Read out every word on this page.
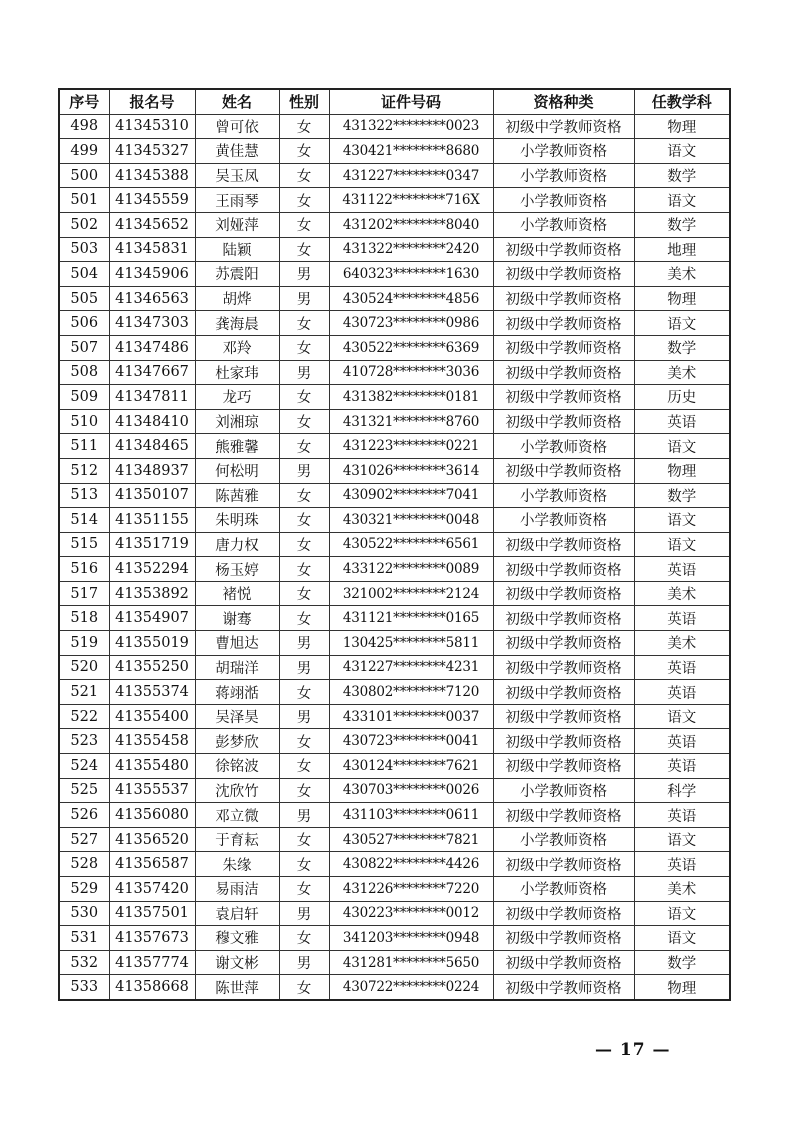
序号	报名号	姓名	性别	证件号码	资格种类	任教学科
498	41345310	曾可依	女	431322********0023	初级中学教师资格	物理
499	41345327	黄佳慧	女	430421********8680	小学教师资格	语文
500	41345388	吴玉凤	女	431227********0347	小学教师资格	数学
501	41345559	王雨琴	女	431122********716X	小学教师资格	语文
502	41345652	刘娅萍	女	431202********8040	小学教师资格	数学
503	41345831	陆颖	女	431322********2420	初级中学教师资格	地理
504	41345906	苏震阳	男	640323********1630	初级中学教师资格	美术
505	41346563	胡烨	男	430524********4856	初级中学教师资格	物理
506	41347303	龚海晨	女	430723********0986	初级中学教师资格	语文
507	41347486	邓羚	女	430522********6369	初级中学教师资格	数学
508	41347667	杜家玮	男	410728********3036	初级中学教师资格	美术
509	41347811	龙巧	女	431382********0181	初级中学教师资格	历史
510	41348410	刘湘琼	女	431321********8760	初级中学教师资格	英语
511	41348465	熊雅馨	女	431223********0221	小学教师资格	语文
512	41348937	何松明	男	431026********3614	初级中学教师资格	物理
513	41350107	陈茜雅	女	430902********7041	小学教师资格	数学
514	41351155	朱明珠	女	430321********0048	小学教师资格	语文
515	41351719	唐力权	女	430522********6561	初级中学教师资格	语文
516	41352294	杨玉婷	女	433122********0089	初级中学教师资格	英语
517	41353892	褚悦	女	321002********2124	初级中学教师资格	美术
518	41354907	谢骞	女	431121********0165	初级中学教师资格	英语
519	41355019	曹旭达	男	130425********5811	初级中学教师资格	美术
520	41355250	胡瑞洋	男	431227********4231	初级中学教师资格	英语
521	41355374	蒋翊湉	女	430802********7120	初级中学教师资格	英语
522	41355400	吴泽昊	男	433101********0037	初级中学教师资格	语文
523	41355458	彭梦欣	女	430723********0041	初级中学教师资格	英语
524	41355480	徐铭波	女	430124********7621	初级中学教师资格	英语
525	41355537	沈欣竹	女	430703********0026	小学教师资格	科学
526	41356080	邓立微	男	431103********0611	初级中学教师资格	英语
527	41356520	于育耘	女	430527********7821	小学教师资格	语文
528	41356587	朱缘	女	430822********4426	初级中学教师资格	英语
529	41357420	易雨洁	女	431226********7220	小学教师资格	美术
530	41357501	袁启轩	男	430223********0012	初级中学教师资格	语文
531	41357673	穆文雅	女	341203********0948	初级中学教师资格	语文
532	41357774	谢文彬	男	431281********5650	初级中学教师资格	数学
533	41358668	陈世萍	女	430722********0224	初级中学教师资格	物理
— 17 —
